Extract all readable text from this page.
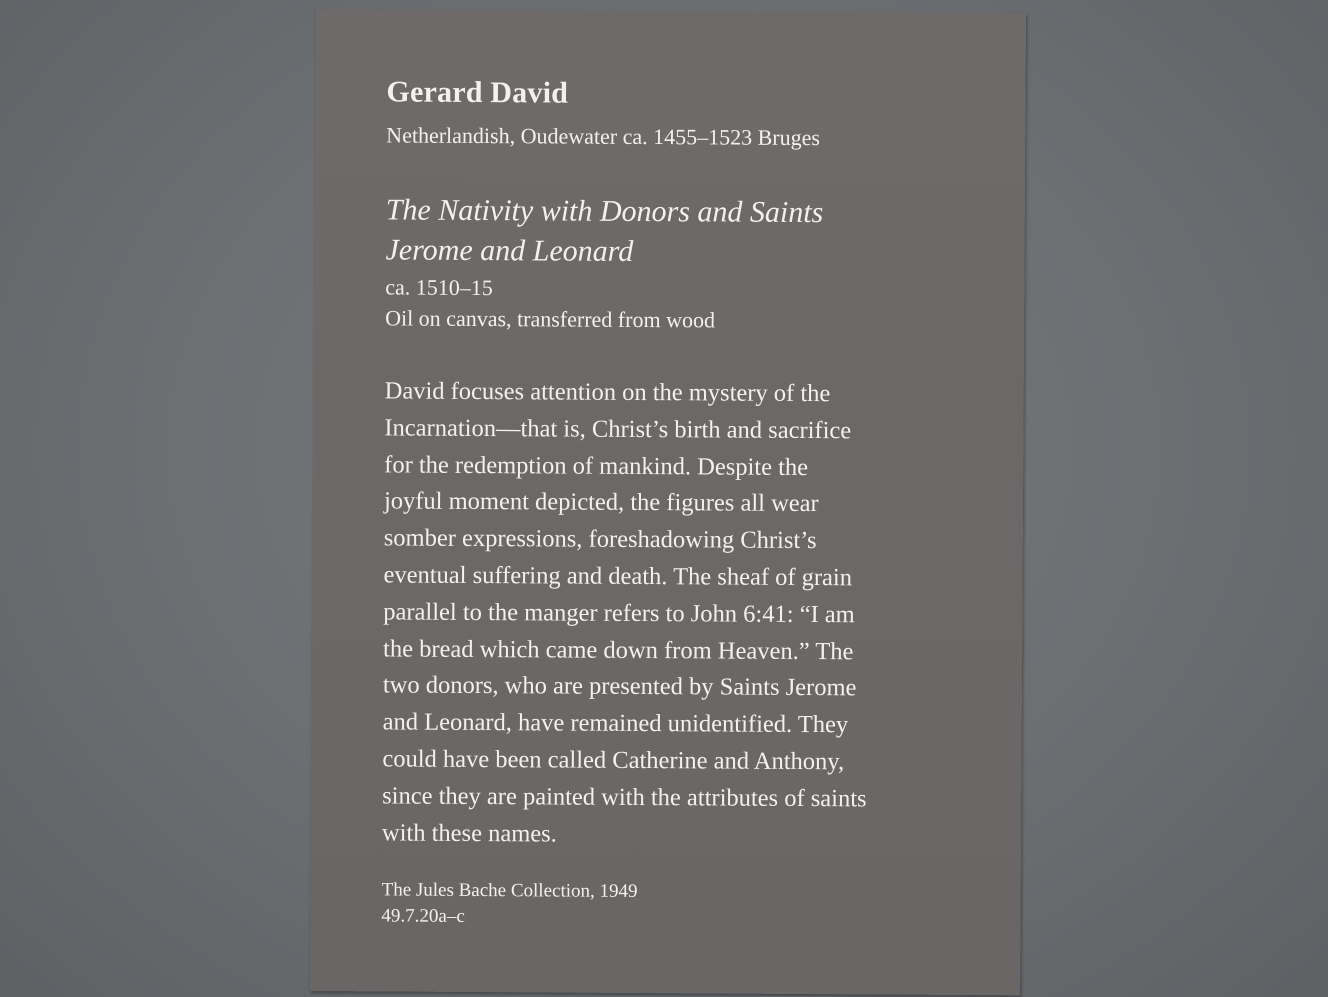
Gerard David
Netherlandish, Oudewater ca. 1455–1523 Bruges
The Nativity with Donors and Saints
Jerome and Leonard
ca. 1510–15
Oil on canvas, transferred from wood
David focuses attention on the mystery of the
Incarnation—that is, Christ’s birth and sacrifice
for the redemption of mankind. Despite the
joyful moment depicted, the figures all wear
somber expressions, foreshadowing Christ’s
eventual suffering and death. The sheaf of grain
parallel to the manger refers to John 6:41: “I am
the bread which came down from Heaven.” The
two donors, who are presented by Saints Jerome
and Leonard, have remained unidentified. They
could have been called Catherine and Anthony,
since they are painted with the attributes of saints
with these names.
The Jules Bache Collection, 1949
49.7.20a–c
